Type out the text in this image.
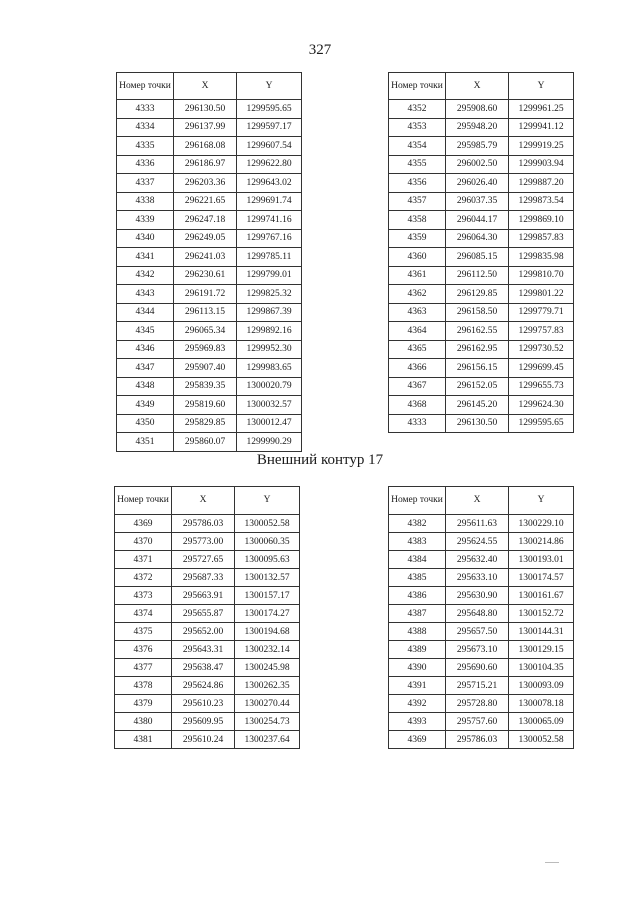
327
Номер точки	X	Y
4333	296130.50	1299595.65
4334	296137.99	1299597.17
4335	296168.08	1299607.54
4336	296186.97	1299622.80
4337	296203.36	1299643.02
4338	296221.65	1299691.74
4339	296247.18	1299741.16
4340	296249.05	1299767.16
4341	296241.03	1299785.11
4342	296230.61	1299799.01
4343	296191.72	1299825.32
4344	296113.15	1299867.39
4345	296065.34	1299892.16
4346	295969.83	1299952.30
4347	295907.40	1299983.65
4348	295839.35	1300020.79
4349	295819.60	1300032.57
4350	295829.85	1300012.47
4351	295860.07	1299990.29
Номер точки	X	Y
4352	295908.60	1299961.25
4353	295948.20	1299941.12
4354	295985.79	1299919.25
4355	296002.50	1299903.94
4356	296026.40	1299887.20
4357	296037.35	1299873.54
4358	296044.17	1299869.10
4359	296064.30	1299857.83
4360	296085.15	1299835.98
4361	296112.50	1299810.70
4362	296129.85	1299801.22
4363	296158.50	1299779.71
4364	296162.55	1299757.83
4365	296162.95	1299730.52
4366	296156.15	1299699.45
4367	296152.05	1299655.73
4368	296145.20	1299624.30
4333	296130.50	1299595.65
Внешний контур 17
Номер точки	X	Y
4369	295786.03	1300052.58
4370	295773.00	1300060.35
4371	295727.65	1300095.63
4372	295687.33	1300132.57
4373	295663.91	1300157.17
4374	295655.87	1300174.27
4375	295652.00	1300194.68
4376	295643.31	1300232.14
4377	295638.47	1300245.98
4378	295624.86	1300262.35
4379	295610.23	1300270.44
4380	295609.95	1300254.73
4381	295610.24	1300237.64
Номер точки	X	Y
4382	295611.63	1300229.10
4383	295624.55	1300214.86
4384	295632.40	1300193.01
4385	295633.10	1300174.57
4386	295630.90	1300161.67
4387	295648.80	1300152.72
4388	295657.50	1300144.31
4389	295673.10	1300129.15
4390	295690.60	1300104.35
4391	295715.21	1300093.09
4392	295728.80	1300078.18
4393	295757.60	1300065.09
4369	295786.03	1300052.58
